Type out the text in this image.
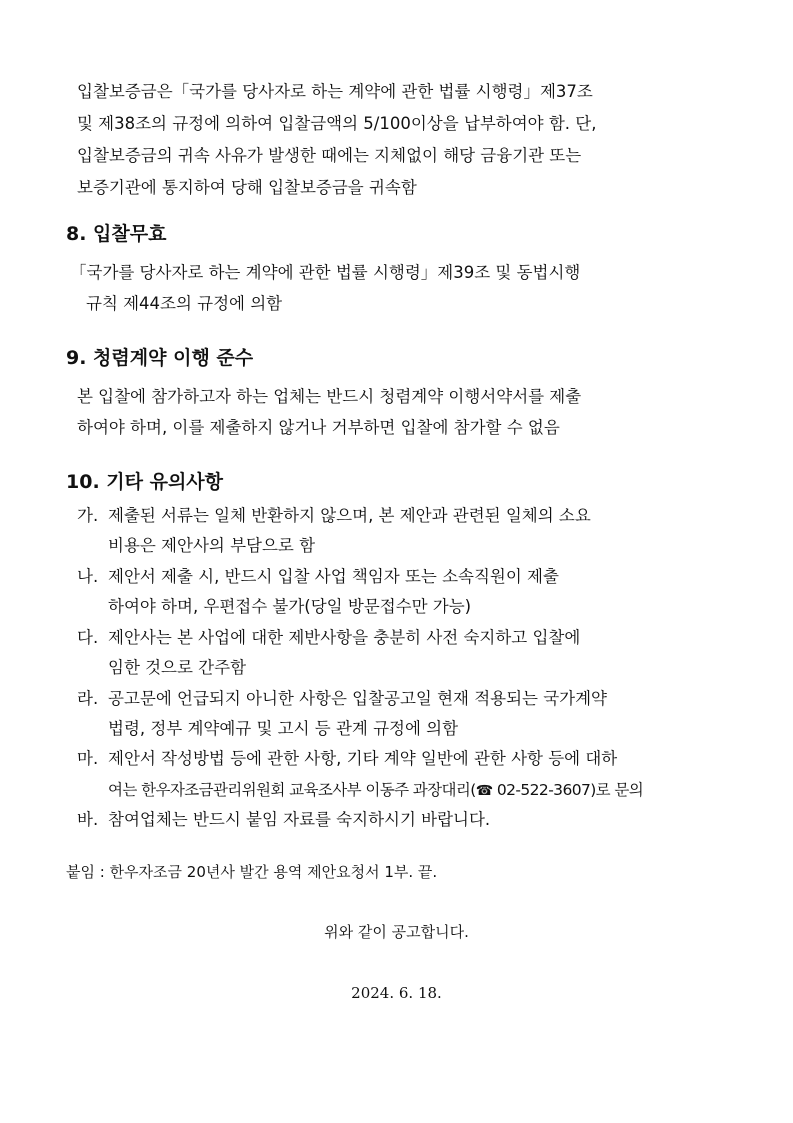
입찰보증금은「국가를 당사자로 하는 계약에 관한 법률 시행령」제37조
및 제38조의 규정에 의하여 입찰금액의 5/100이상을 납부하여야 함. 단,
입찰보증금의 귀속 사유가 발생한 때에는 지체없이 해당 금융기관 또는
보증기관에 통지하여 당해 입찰보증금을 귀속함
8. 입찰무효
「국가를 당사자로 하는 계약에 관한 법률 시행령」제39조 및 동법시행
규칙 제44조의 규정에 의함
9. 청렴계약 이행 준수
본 입찰에 참가하고자 하는 업체는 반드시 청렴계약 이행서약서를 제출
하여야 하며, 이를 제출하지 않거나 거부하면 입찰에 참가할 수 없음
10. 기타 유의사항
가. 제출된 서류는 일체 반환하지 않으며, 본 제안과 관련된 일체의 소요
비용은 제안사의 부담으로 함
나. 제안서 제출 시, 반드시 입찰 사업 책임자 또는 소속직원이 제출
하여야 하며, 우편접수 불가(당일 방문접수만 가능)
다. 제안사는 본 사업에 대한 제반사항을 충분히 사전 숙지하고 입찰에
임한 것으로 간주함
라. 공고문에 언급되지 아니한 사항은 입찰공고일 현재 적용되는 국가계약
법령, 정부 계약예규 및 고시 등 관계 규정에 의함
마. 제안서 작성방법 등에 관한 사항, 기타 계약 일반에 관한 사항 등에 대하
여는 한우자조금관리위원회 교육조사부 이동주 과장대리(☎ 02-522-3607)로 문의
바. 참여업체는 반드시 붙임 자료를 숙지하시기 바랍니다.
붙임 : 한우자조금 20년사 발간 용역 제안요청서 1부. 끝.
위와 같이 공고합니다.
2024. 6. 18.
